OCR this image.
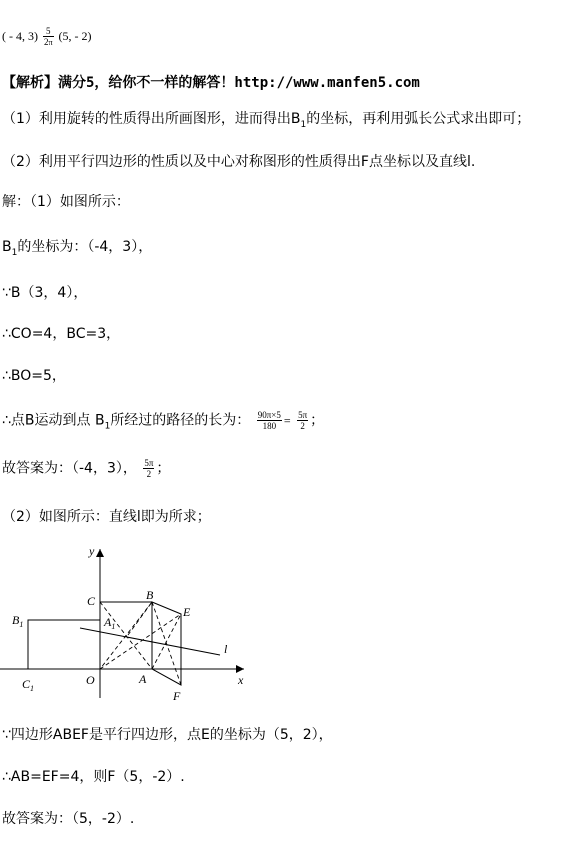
( - 4, $3) \frac{5}{2\pi} (5$, - 2)
【解析】满分5，给你不一样的解答！http://www.manfen5.com
（1）利用旋转的性质得出所画图形，进而得出$B_1$的坐标，再利用弧长公式求出即可；
（2）利用平行四边形的性质以及中心对称图形的性质得出F点坐标以及直线l.
解：（1）如图所示：
$B_1$的坐标为：（-4，3），
∵B（3，4），
∴CO=4，BC=3，
∴BO=5，
∴点B运动到点 $B_1$所经过的路径的长为： $\frac{90\pi\times 5}{180} = \frac{5\pi}{2}$ ；
故答案为：（-4，3）， $\frac{5\pi}{2}$ ；
（2）如图所示：直线l即为所求；
y
x
C	B
E
$B_1$	$A_1$
$C_1$
O	A
F
l
∵四边形ABEF是平行四边形，点E的坐标为（5，2），
∴AB=EF=4，则F（5，-2）.
故答案为：（5，-2）.
